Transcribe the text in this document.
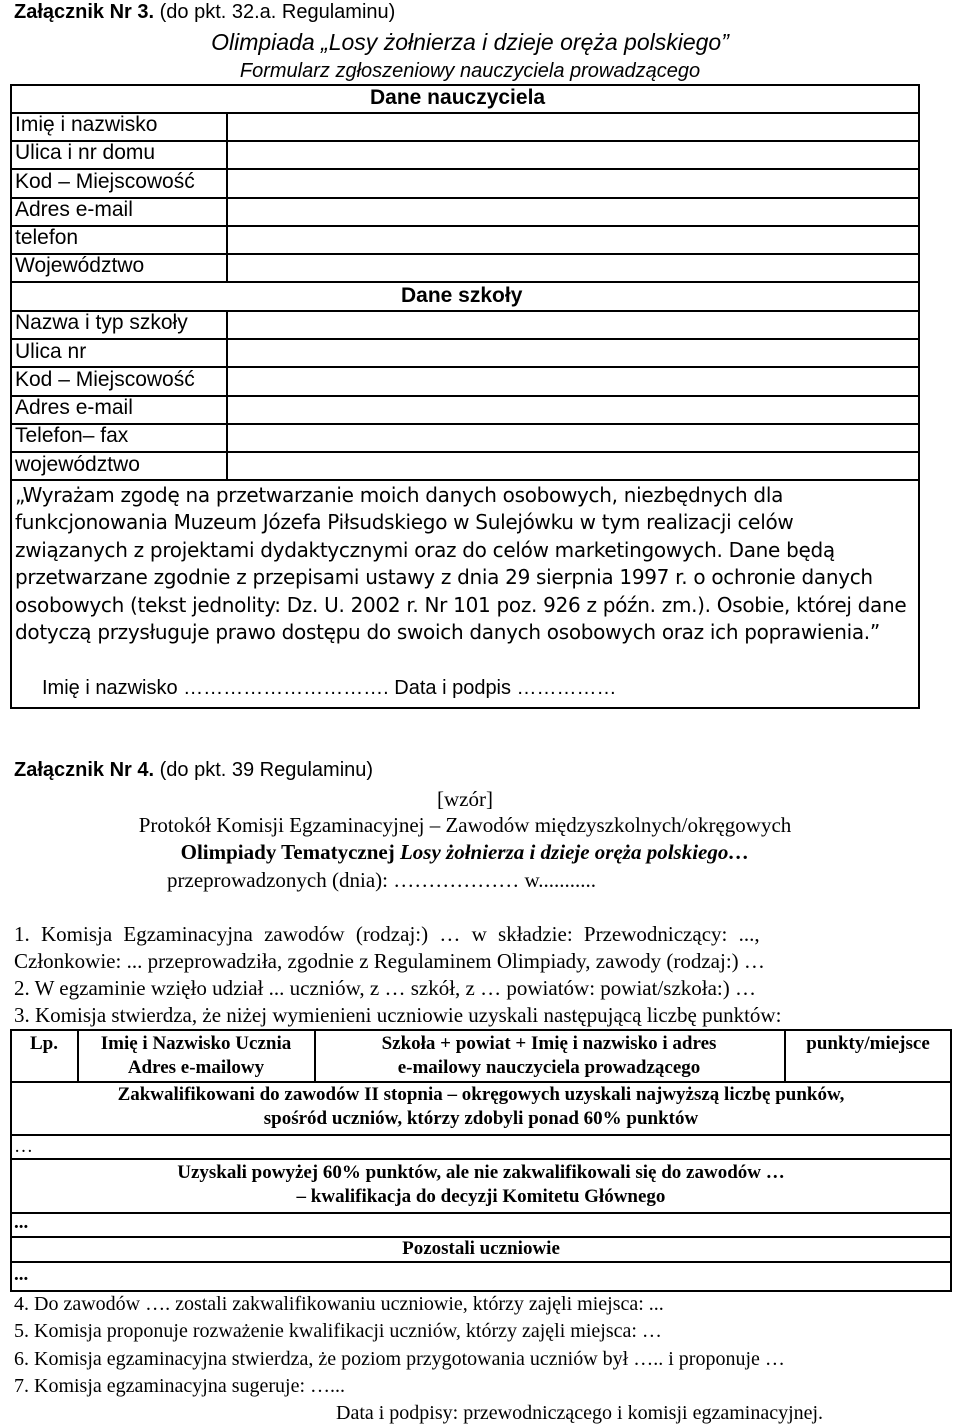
Załącznik Nr 3. (do pkt. 32.a. Regulaminu)
Olimpiada „Losy żołnierza i dzieje oręża polskiego”
Formularz zgłoszeniowy nauczyciela prowadzącego
Dane nauczyciela
Imię i nazwisko
Ulica i nr domu
Kod – Miejscowość
Adres e-mail
telefon
Województwo
Dane szkoły
Nazwa i typ szkoły
Ulica nr
Kod – Miejscowość
Adres e-mail
Telefon– fax
województwo
„Wyrażam zgodę na przetwarzanie moich danych osobowych, niezbędnych dla
funkcjonowania Muzeum Józefa Piłsudskiego w Sulejówku w tym realizacji celów
związanych z projektami dydaktycznymi oraz do celów marketingowych. Dane będą
przetwarzane zgodnie z przepisami ustawy z dnia 29 sierpnia 1997 r. o ochronie danych
osobowych (tekst jednolity: Dz. U. 2002 r. Nr 101 poz. 926 z późn. zm.). Osobie, której dane
dotyczą przysługuje prawo dostępu do swoich danych osobowych oraz ich poprawienia.”
Imię i nazwisko …………………………. Data i podpis ……………
Załącznik Nr 4. (do pkt. 39 Regulaminu)
[wzór]
Protokół Komisji Egzaminacyjnej – Zawodów międzyszkolnych/okręgowych
Olimpiady Tematycznej Losy żołnierza i dzieje oręża polskiego…
przeprowadzonych (dnia): ……………… w...........
1. Komisja Egzaminacyjna zawodów (rodzaj:) … w składzie: Przewodniczący: ...,
Członkowie: ... przeprowadziła, zgodnie z Regulaminem Olimpiady, zawody (rodzaj:) …
2. W egzaminie wzięło udział ... uczniów, z … szkół, z … powiatów: powiat/szkoła:) …
3. Komisja stwierdza, że niżej wymienieni uczniowie uzyskali następującą liczbę punktów:
Lp.	Imię i Nazwisko Ucznia
Adres e-mailowy
Szkoła + powiat + Imię i nazwisko i adres
e-mailowy nauczyciela prowadzącego
punkty/miejsce
Zakwalifikowani do zawodów II stopnia – okręgowych uzyskali najwyższą liczbę punków,
spośród uczniów, którzy zdobyli ponad 60% punktów
…
Uzyskali powyżej 60% punktów, ale nie zakwalifikowali się do zawodów …
– kwalifikacja do decyzji Komitetu Głównego
...
Pozostali uczniowie
...
4. Do zawodów …. zostali zakwalifikowaniu uczniowie, którzy zajęli miejsca: ...
5. Komisja proponuje rozważenie kwalifikacji uczniów, którzy zajęli miejsca: …
6. Komisja egzaminacyjna stwierdza, że poziom przygotowania uczniów był ….. i proponuje …
7. Komisja egzaminacyjna sugeruje: …...
Data i podpisy: przewodniczącego i komisji egzaminacyjnej.
